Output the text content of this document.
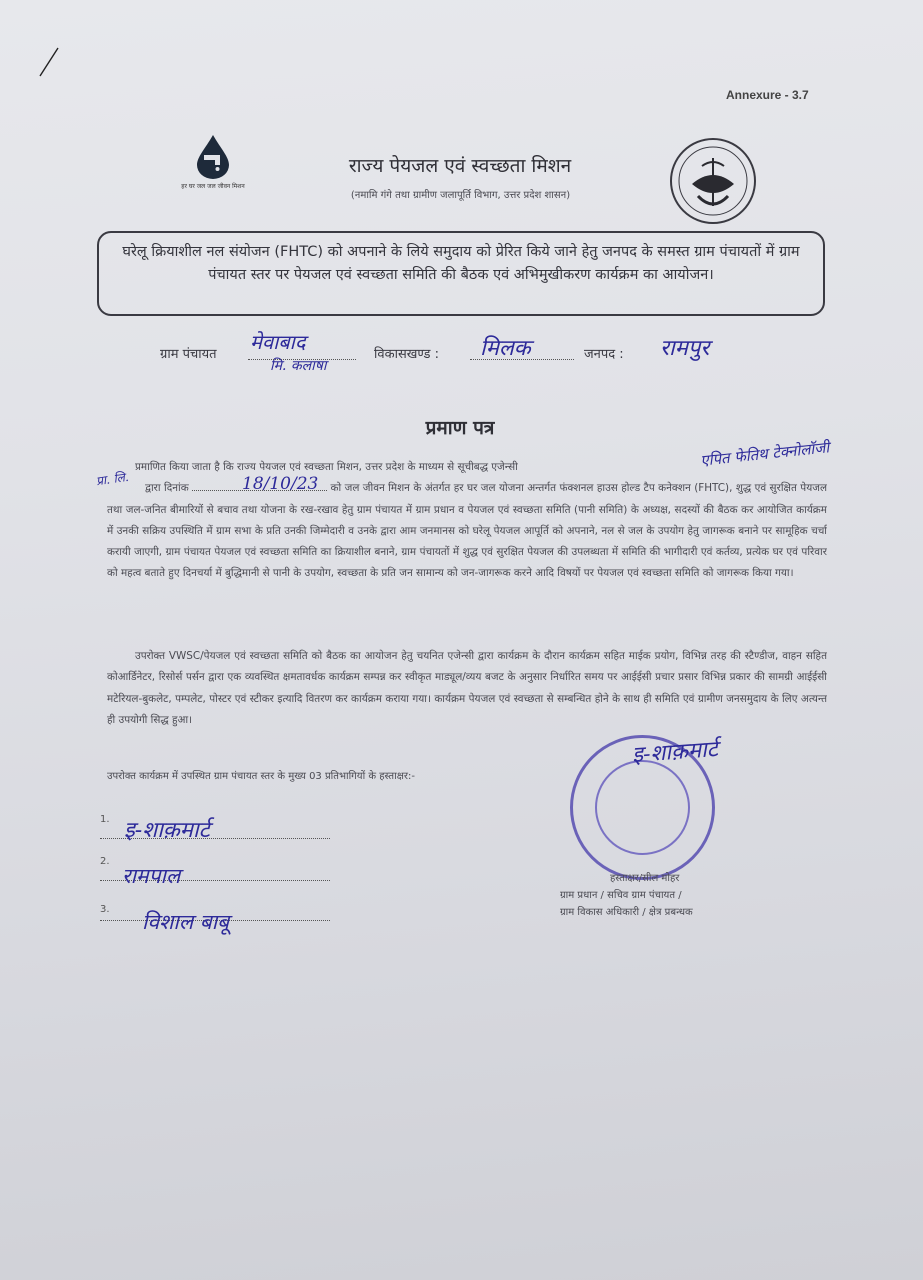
Annexure - 3.7
हर घर जल जल जीवन मिशन
राज्य पेयजल एवं स्वच्छता मिशन
(नमामि गंगे तथा ग्रामीण जलापूर्ति विभाग, उत्तर प्रदेश शासन)
घरेलू क्रियाशील नल संयोजन (FHTC) को अपनाने के लिये समुदाय को प्रेरित किये जाने हेतु जनपद के समस्त ग्राम पंचायतों में ग्राम पंचायत स्तर पर पेयजल एवं स्वच्छता समिति की बैठक एवं अभिमुखीकरण कार्यक्रम का आयोजन।
ग्राम पंचायत
मेवाबाद
मि. कलाषा
विकासखण्ड : मिलक	जनपद : रामपुर
प्रमाण पत्र
एपित फेतिथ टेक्नोलॉजी
प्रा. लि.	18/10/23
प्रमाणित किया जाता है कि राज्य पेयजल एवं स्वच्छता मिशन, उत्तर प्रदेश के माध्यम से सूचीबद्ध एजेन्सी
द्वारा दिनांक	को जल जीवन मिशन के अंतर्गत हर घर जल योजना अन्तर्गत फंक्शनल हाउस होल्ड टैप कनेक्शन (FHTC), शुद्ध एवं सुरक्षित पेयजल तथा जल-जनित बीमारियों से बचाव तथा योजना के रख-रखाव हेतु ग्राम पंचायत में ग्राम प्रधान व पेयजल एवं स्वच्छता समिति (पानी समिति) के अध्यक्ष, सदस्यों की बैठक कर आयोजित कार्यक्रम में उनकी सक्रिय उपस्थिति में ग्राम सभा के प्रति उनकी जिम्मेदारी व उनके द्वारा आम जनमानस को घरेलू पेयजल आपूर्ति को अपनाने, नल से जल के उपयोग हेतु जागरूक बनाने पर सामूहिक चर्चा करायी जाएगी, ग्राम पंचायत पेयजल एवं स्वच्छता समिति का क्रियाशील बनाने, ग्राम पंचायतों में शुद्ध एवं सुरक्षित पेयजल की उपलब्धता में समिति की भागीदारी एवं कर्तव्य, प्रत्येक घर एवं परिवार को महत्व बताते हुए दिनचर्या में बुद्धिमानी से पानी के उपयोग, स्वच्छता के प्रति जन सामान्य को जन-जागरूक करने आदि विषयों पर पेयजल एवं स्वच्छता समिति को जागरूक किया गया।
उपरोक्त VWSC/पेयजल एवं स्वच्छता समिति को बैठक का आयोजन हेतु चयनित एजेन्सी द्वारा कार्यक्रम के दौरान कार्यक्रम सहित माईक प्रयोग, विभिन्न तरह की स्टैण्डीज, वाहन सहित कोआर्डिनेटर, रिसोर्स पर्सन द्वारा एक व्यवस्थित क्षमतावर्धक कार्यक्रम सम्पन्न कर स्वीकृत माड्यूल/व्यय बजट के अनुसार निर्धारित समय पर आईईसी प्रचार प्रसार विभिन्न प्रकार की सामग्री आईईसी मटेरियल-बुकलेट, पम्पलेट, पोस्टर एवं स्टीकर इत्यादि वितरण कर कार्यक्रम कराया गया। कार्यक्रम पेयजल एवं स्वच्छता से सम्बन्धित होने के साथ ही समिति एवं ग्रामीण जनसमुदाय के लिए अत्यन्त ही उपयोगी सिद्ध हुआ।
उपरोक्त कार्यक्रम में उपस्थित ग्राम पंचायत स्तर के मुख्य 03 प्रतिभागियों के हस्ताक्षर:-
1. इ-शाक़मार्ट
2.
रामपाल
3.
विशाल बाबू
इ-शाक़मार्ट
हस्ताक्षर/सील मोहर
ग्राम प्रधान / सचिव ग्राम पंचायत /
ग्राम विकास अधिकारी / क्षेत्र प्रबन्धक
